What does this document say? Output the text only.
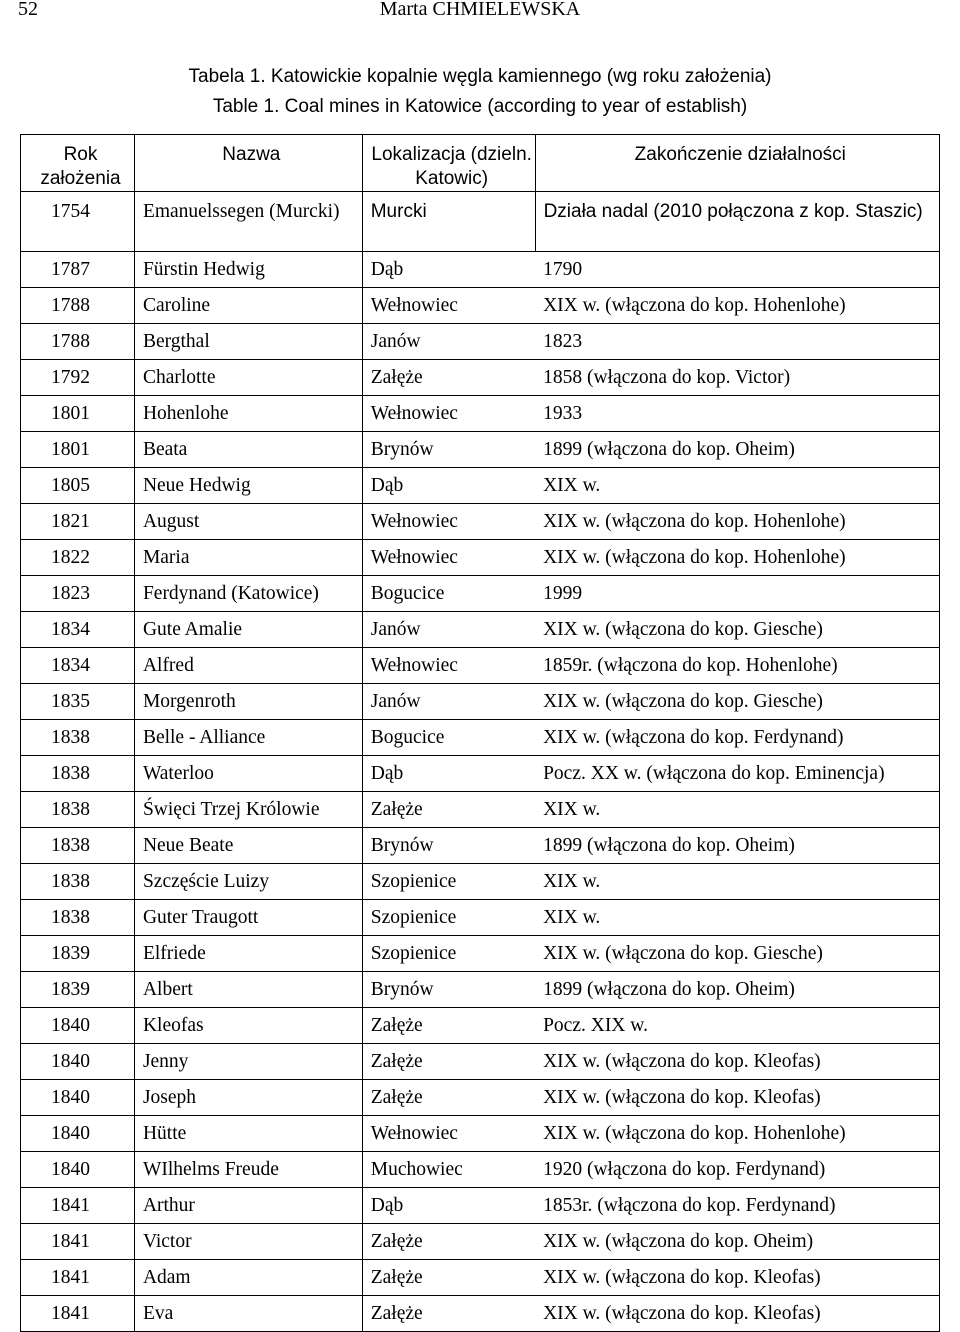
52	Marta CHMIELEWSKA
Tabela 1. Katowickie kopalnie węgla kamiennego (wg roku założenia)
Table 1. Coal mines in Katowice (according to year of establish)
Rok założenia	Nazwa	Lokalizacja (dzieln. Katowic)	Zakończenie działalności
1754	Emanuelssegen (Murcki)	Murcki	Działa nadal (2010 połączona z kop. Staszic)
1787	Fürstin Hedwig	Dąb	1790
1788	Caroline	Wełnowiec	XIX w. (włączona do kop. Hohenlohe)
1788	Bergthal	Janów	1823
1792	Charlotte	Załęże	1858 (włączona do kop. Victor)
1801	Hohenlohe	Wełnowiec	1933
1801	Beata	Brynów	1899 (włączona do kop. Oheim)
1805	Neue Hedwig	Dąb	XIX w.
1821	August	Wełnowiec	XIX w. (włączona do kop. Hohenlohe)
1822	Maria	Wełnowiec	XIX w. (włączona do kop. Hohenlohe)
1823	Ferdynand (Katowice)	Bogucice	1999
1834	Gute Amalie	Janów	XIX w. (włączona do kop. Giesche)
1834	Alfred	Wełnowiec	1859r. (włączona do kop. Hohenlohe)
1835	Morgenroth	Janów	XIX w. (włączona do kop. Giesche)
1838	Belle - Alliance	Bogucice	XIX w. (włączona do kop. Ferdynand)
1838	Waterloo	Dąb	Pocz. XX w. (włączona do kop. Eminencja)
1838	Święci Trzej Królowie	Załęże	XIX w.
1838	Neue Beate	Brynów	1899 (włączona do kop. Oheim)
1838	Szczęście Luizy	Szopienice	XIX w.
1838	Guter Traugott	Szopienice	XIX w.
1839	Elfriede	Szopienice	XIX w. (włączona do kop. Giesche)
1839	Albert	Brynów	1899 (włączona do kop. Oheim)
1840	Kleofas	Załęże	Pocz. XIX w.
1840	Jenny	Załęże	XIX w. (włączona do kop. Kleofas)
1840	Joseph	Załęże	XIX w. (włączona do kop. Kleofas)
1840	Hütte	Wełnowiec	XIX w. (włączona do kop. Hohenlohe)
1840	WIlhelms Freude	Muchowiec	1920 (włączona do kop. Ferdynand)
1841	Arthur	Dąb	1853r. (włączona do kop. Ferdynand)
1841	Victor	Załęże	XIX w. (włączona do kop. Oheim)
1841	Adam	Załęże	XIX w. (włączona do kop. Kleofas)
1841	Eva	Załęże	XIX w. (włączona do kop. Kleofas)
